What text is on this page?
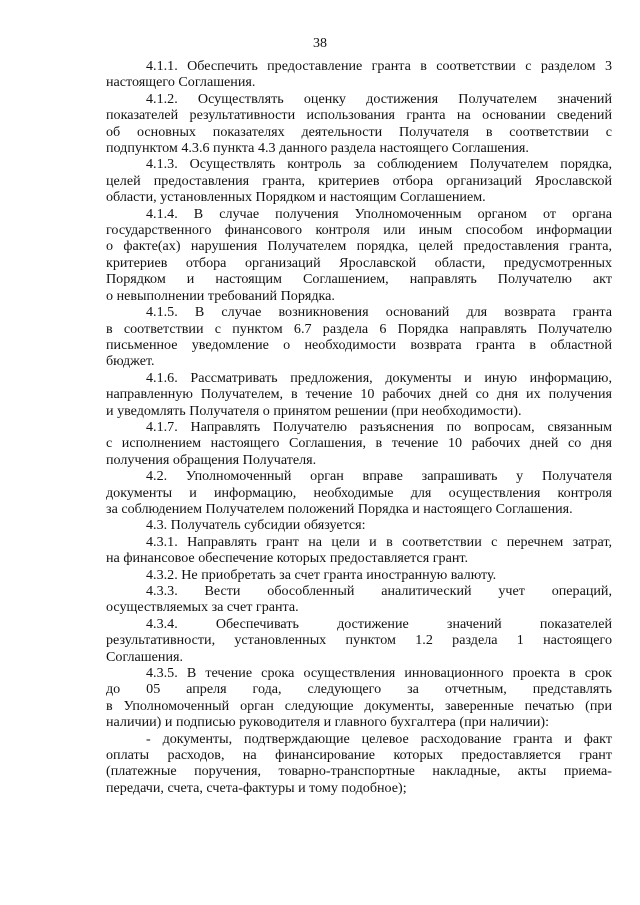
38
4.1.1. Обеспечить предоставление гранта в соответствии с разделом 3
настоящего Соглашения.
4.1.2. Осуществлять оценку достижения Получателем значений
показателей результативности использования гранта на основании сведений
об основных показателях деятельности Получателя в соответствии с
подпунктом 4.3.6 пункта 4.3 данного раздела настоящего Соглашения.
4.1.3. Осуществлять контроль за соблюдением Получателем порядка,
целей предоставления гранта, критериев отбора организаций Ярославской
области, установленных Порядком и настоящим Соглашением.
4.1.4. В случае получения Уполномоченным органом от органа
государственного финансового контроля или иным способом информации
о факте(ах) нарушения Получателем порядка, целей предоставления гранта,
критериев отбора организаций Ярославской области, предусмотренных
Порядком и настоящим Соглашением, направлять Получателю акт
о невыполнении требований Порядка.
4.1.5. В случае возникновения оснований для возврата гранта
в соответствии с пунктом 6.7 раздела 6 Порядка направлять Получателю
письменное уведомление о необходимости возврата гранта в областной
бюджет.
4.1.6. Рассматривать предложения, документы и иную информацию,
направленную Получателем, в течение 10 рабочих дней со дня их получения
и уведомлять Получателя о принятом решении (при необходимости).
4.1.7. Направлять Получателю разъяснения по вопросам, связанным
с исполнением настоящего Соглашения, в течение 10 рабочих дней со дня
получения обращения Получателя.
4.2. Уполномоченный орган вправе запрашивать у Получателя
документы и информацию, необходимые для осуществления контроля
за соблюдением Получателем положений Порядка и настоящего Соглашения.
4.3. Получатель субсидии обязуется:
4.3.1. Направлять грант на цели и в соответствии с перечнем затрат,
на финансовое обеспечение которых предоставляется грант.
4.3.2. Не приобретать за счет гранта иностранную валюту.
4.3.3. Вести обособленный аналитический учет операций,
осуществляемых за счет гранта.
4.3.4. Обеспечивать достижение значений показателей
результативности, установленных пунктом 1.2 раздела 1 настоящего
Соглашения.
4.3.5. В течение срока осуществления инновационного проекта в срок
до 05 апреля года, следующего за отчетным, представлять
в Уполномоченный орган следующие документы, заверенные печатью (при
наличии) и подписью руководителя и главного бухгалтера (при наличии):
- документы, подтверждающие целевое расходование гранта и факт
оплаты расходов, на финансирование которых предоставляется грант
(платежные поручения, товарно-транспортные накладные, акты приема-
передачи, счета, счета-фактуры и тому подобное);
